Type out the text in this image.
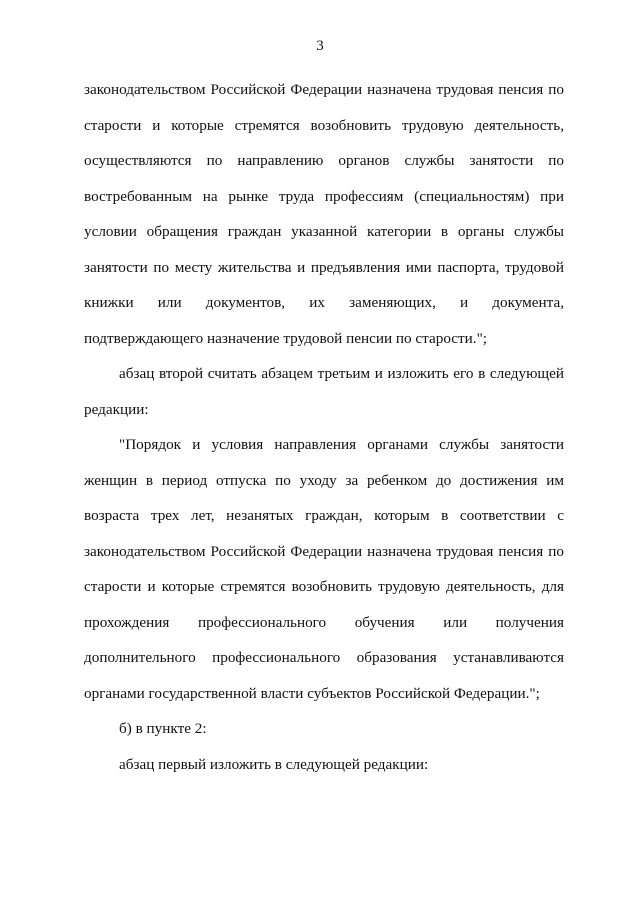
3

законодательством Российской Федерации назначена трудовая пенсия по старости и которые стремятся возобновить трудовую деятельность, осуществляются по направлению органов службы занятости по востребованным на рынке труда профессиям (специальностям) при условии обращения граждан указанной категории в органы службы занятости по месту жительства и предъявления ими паспорта, трудовой книжки или документов, их заменяющих, и документа, подтверждающего назначение трудовой пенсии по старости.";

абзац второй считать абзацем третьим и изложить его в следующей редакции:

"Порядок и условия направления органами службы занятости женщин в период отпуска по уходу за ребенком до достижения им возраста трех лет, незанятых граждан, которым в соответствии с законодательством Российской Федерации назначена трудовая пенсия по старости и которые стремятся возобновить трудовую деятельность, для прохождения профессионального обучения или получения дополнительного профессионального образования устанавливаются органами государственной власти субъектов Российской Федерации.";

б) в пункте 2:

абзац первый изложить в следующей редакции:
